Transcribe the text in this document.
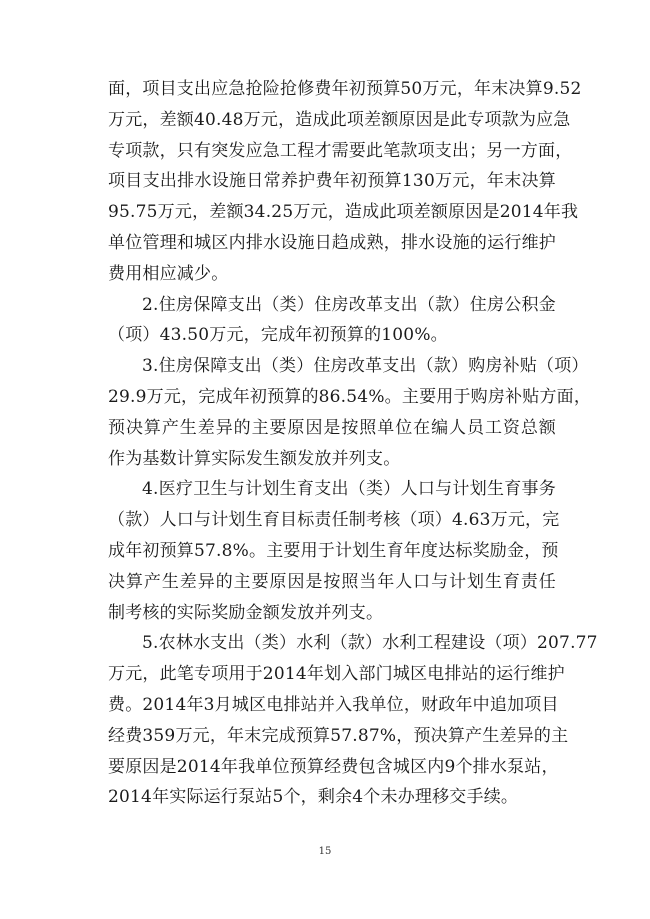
面，项目支出应急抢险抢修费年初预算50万元，年末决算9.52
万元，差额40.48万元，造成此项差额原因是此专项款为应急
专项款，只有突发应急工程才需要此笔款项支出；另一方面，
项目支出排水设施日常养护费年初预算130万元，年末决算
95.75万元，差额34.25万元，造成此项差额原因是2014年我
单位管理和城区内排水设施日趋成熟，排水设施的运行维护
费用相应减少。
2.住房保障支出（类）住房改革支出（款）住房公积金
（项）43.50万元，完成年初预算的100%。
3.住房保障支出（类）住房改革支出（款）购房补贴（项）
29.9万元，完成年初预算的86.54%。主要用于购房补贴方面，
预决算产生差异的主要原因是按照单位在编人员工资总额
作为基数计算实际发生额发放并列支。
4.医疗卫生与计划生育支出（类）人口与计划生育事务
（款）人口与计划生育目标责任制考核（项）4.63万元，完
成年初预算57.8%。主要用于计划生育年度达标奖励金，预
决算产生差异的主要原因是按照当年人口与计划生育责任
制考核的实际奖励金额发放并列支。
5.农林水支出（类）水利（款）水利工程建设（项）207.77
万元，此笔专项用于2014年划入部门城区电排站的运行维护
费。2014年3月城区电排站并入我单位，财政年中追加项目
经费359万元，年末完成预算57.87%，预决算产生差异的主
要原因是2014年我单位预算经费包含城区内9个排水泵站，
2014年实际运行泵站5个，剩余4个未办理移交手续。
15
